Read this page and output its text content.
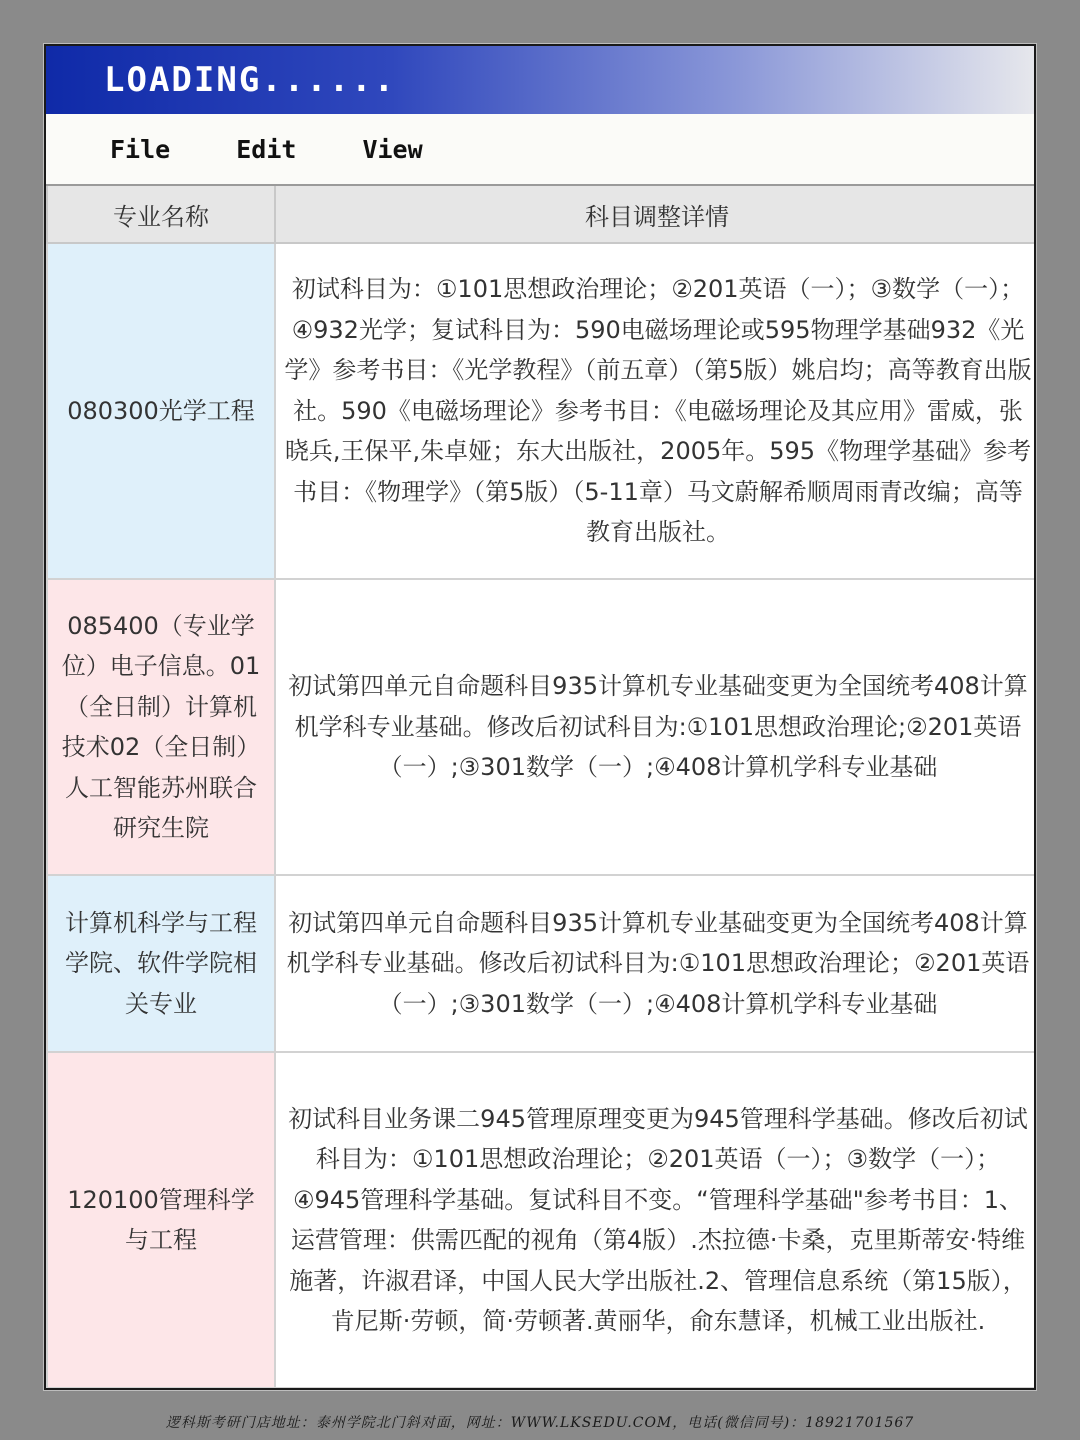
LOADING......
File	Edit	View
专业名称	科目调整详情
080300光学工程	初试科目为：①101思想政治理论；②201英语（一）；③数学（一）；④932光学；复试科目为：590电磁场理论或595物理学基础932《光学》参考书目：《光学教程》（前五章）（第5版）姚启均；高等教育出版社。590《电磁场理论》参考书目：《电磁场理论及其应用》雷威，张晓兵,王保平,朱卓娅；东大出版社，2005年。595《物理学基础》参考书目：《物理学》（第5版）（5-11章）马文蔚解希顺周雨青改编；高等教育出版社。
085400（专业学位）电子信息。01（全日制）计算机技术02（全日制）人工智能苏州联合研究生院	初试第四单元自命题科目935计算机专业基础变更为全国统考408计算机学科专业基础。修改后初试科目为:①101思想政治理论;②201英语（一）;③301数学（一）;④408计算机学科专业基础
计算机科学与工程学院、软件学院相关专业	初试第四单元自命题科目935计算机专业基础变更为全国统考408计算机学科专业基础。修改后初试科目为:①101思想政治理论；②201英语（一）;③301数学（一）;④408计算机学科专业基础
120100管理科学与工程	初试科目业务课二945管理原理变更为945管理科学基础。修改后初试科目为：①101思想政治理论；②201英语（一）；③数学（一）；④945管理科学基础。复试科目不变。“管理科学基础"参考书目：1、运营管理：供需匹配的视角（第4版）.杰拉德·卡桑，克里斯蒂安·特维施著，许淑君译，中国人民大学出版社.2、管理信息系统（第15版），肯尼斯·劳顿，简·劳顿著.黄丽华，俞东慧译，机械工业出版社.
逻科斯考研门店地址：泰州学院北门斜对面，网址：WWW.LKSEDU.COM，电话(微信同号)：18921701567
